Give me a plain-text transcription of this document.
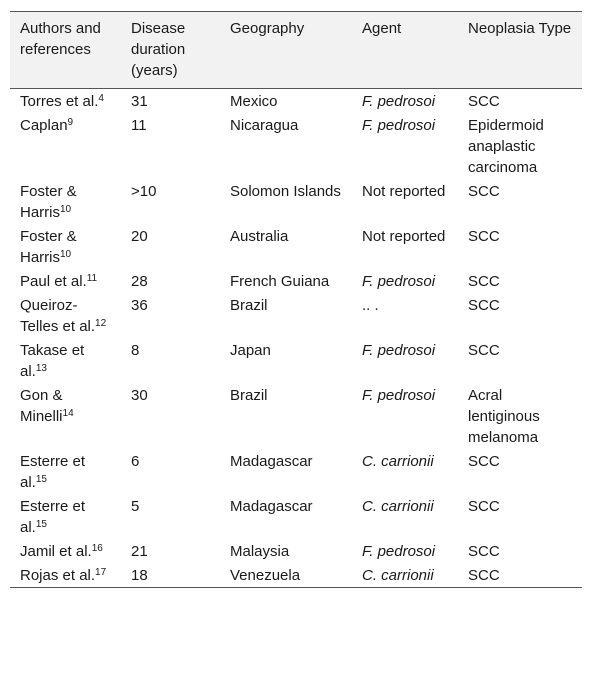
Authors and references	Disease duration (years)	Geography	Agent	Neoplasia Type
Torres et al.$^4$	31	Mexico	F. pedrosoi	SCC
Caplan$^9$	11	Nicaragua	F. pedrosoi	Epidermoid anaplastic carcinoma
Foster & Harris$^{10}$	>10	Solomon Islands	Not reported	SCC
Foster & Harris$^{10}$	20	Australia	Not reported	SCC
Paul et al.$^{11}$	28	French Guiana	F. pedrosoi	SCC
Queiroz-Telles et al.$^{12}$	36	Brazil	.. .	SCC
Takase et al.$^{13}$	8	Japan	F. pedrosoi	SCC
Gon & Minelli$^{14}$	30	Brazil	F. pedrosoi	Acral lentiginous melanoma
Esterre et al.$^{15}$	6	Madagascar	C. carrionii	SCC
Esterre et al.$^{15}$	5	Madagascar	C. carrionii	SCC
Jamil et al.$^{16}$	21	Malaysia	F. pedrosoi	SCC
Rojas et al.$^{17}$	18	Venezuela	C. carrionii	SCC
